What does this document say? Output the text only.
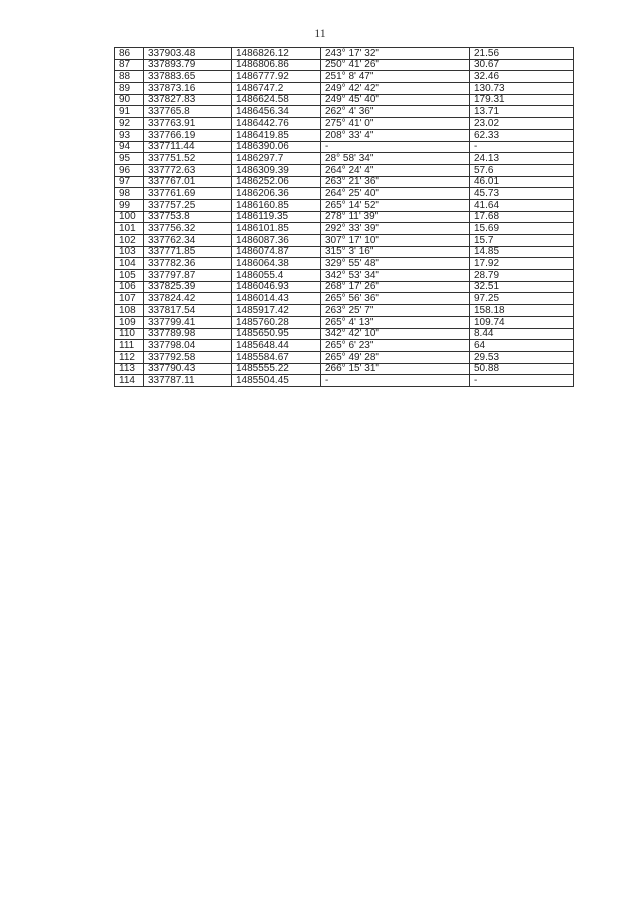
11
86	337903.48	1486826.12	243° 17' 32"	21.56
87	337893.79	1486806.86	250° 41' 26"	30.67
88	337883.65	1486777.92	251° 8' 47"	32.46
89	337873.16	1486747.2	249° 42' 42"	130.73
90	337827.83	1486624.58	249° 45' 40"	179.31
91	337765.8	1486456.34	262° 4' 36"	13.71
92	337763.91	1486442.76	275° 41' 0"	23.02
93	337766.19	1486419.85	208° 33' 4"	62.33
94	337711.44	1486390.06	-	-
95	337751.52	1486297.7	28° 58' 34"	24.13
96	337772.63	1486309.39	264° 24' 4"	57.6
97	337767.01	1486252.06	263° 21' 36"	46.01
98	337761.69	1486206.36	264° 25' 40"	45.73
99	337757.25	1486160.85	265° 14' 52"	41.64
100	337753.8	1486119.35	278° 11' 39"	17.68
101	337756.32	1486101.85	292° 33' 39"	15.69
102	337762.34	1486087.36	307° 17' 10"	15.7
103	337771.85	1486074.87	315° 3' 16"	14.85
104	337782.36	1486064.38	329° 55' 48"	17.92
105	337797.87	1486055.4	342° 53' 34"	28.79
106	337825.39	1486046.93	268° 17' 26"	32.51
107	337824.42	1486014.43	265° 56' 36"	97.25
108	337817.54	1485917.42	263° 25' 7"	158.18
109	337799.41	1485760.28	265° 4' 13"	109.74
110	337789.98	1485650.95	342° 42' 10"	8.44
111	337798.04	1485648.44	265° 6' 23"	64
112	337792.58	1485584.67	265° 49' 28"	29.53
113	337790.43	1485555.22	266° 15' 31"	50.88
114	337787.11	1485504.45	-	-
